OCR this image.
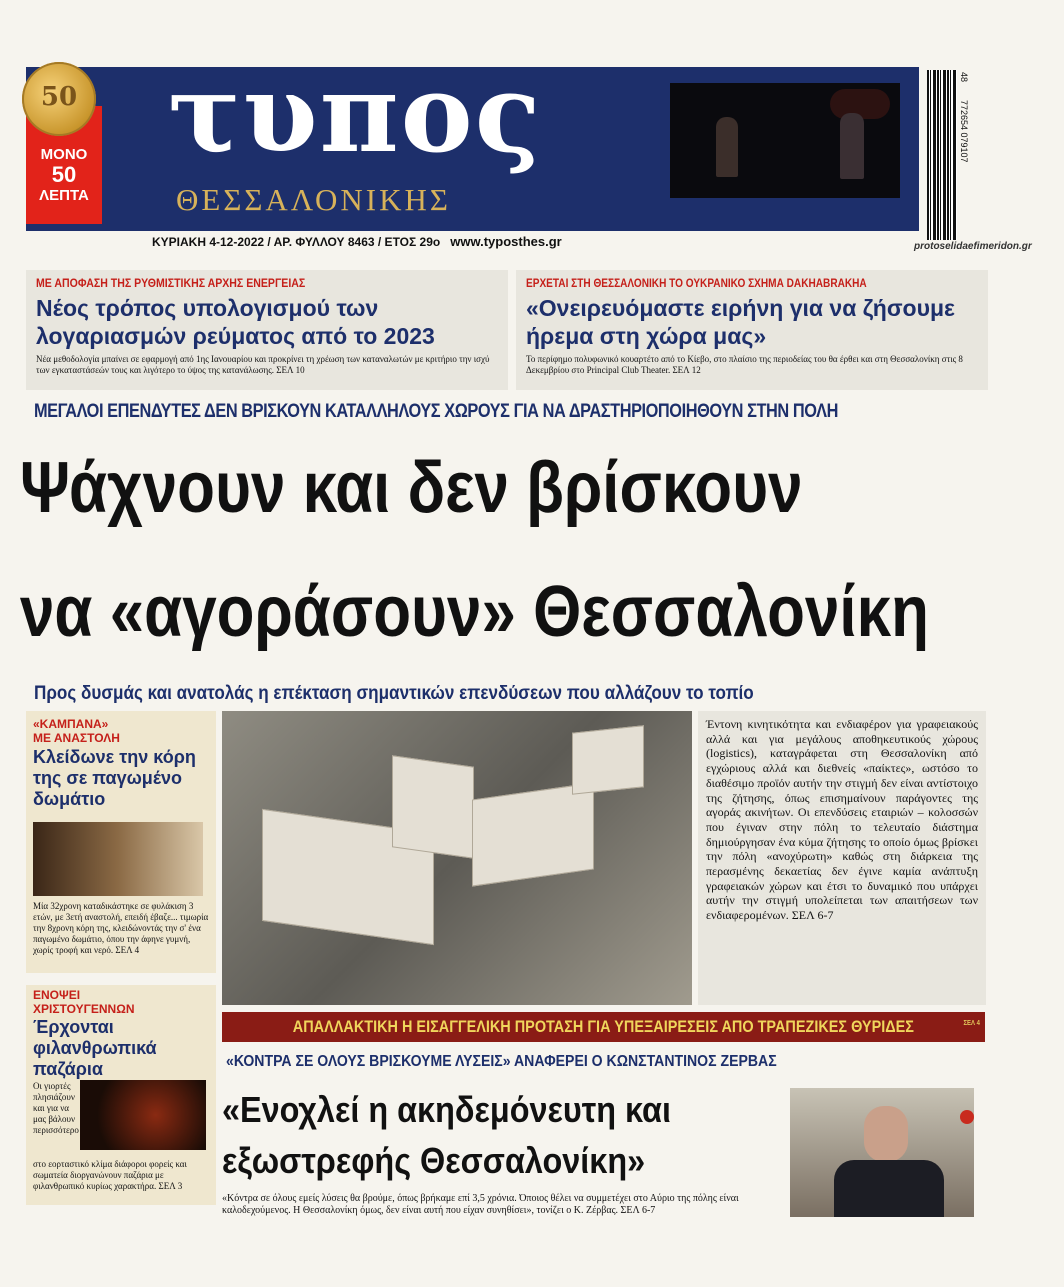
τυπος
ΘΕΣΣΑΛΟΝΙΚΗΣ
ΜΟΝΟ
50
ΛΕΠΤΑ
50
48
772654 079107
ΚΥΡΙΑΚΗ 4-12-2022 / ΑΡ. ΦΥΛΛΟΥ 8463 / ΕΤΟΣ 29ο www.typosthes.gr	protoselidaefimeridon.gr
ΜΕ ΑΠΟΦΑΣΗ ΤΗΣ ΡΥΘΜΙΣΤΙΚΗΣ ΑΡΧΗΣ ΕΝΕΡΓΕΙΑΣ
Νέος τρόπος υπολογισμού των λογαριασμών ρεύματος από το 2023
Νέα μεθοδολογία μπαίνει σε εφαρμογή από 1ης Ιανουαρίου και προκρίνει τη χρέωση των καταναλωτών με κριτήριο την ισχύ των εγκαταστάσεών τους και λιγότερο το ύψος της κατανάλωσης. ΣΕΛ 10
ΕΡΧΕΤΑΙ ΣΤΗ ΘΕΣΣΑΛΟΝΙΚΗ ΤΟ ΟΥΚΡΑΝΙΚΟ ΣΧΗΜΑ DAKHABRAKHA
«Ονειρευόμαστε ειρήνη για να ζήσουμε ήρεμα στη χώρα μας»
Το περίφημο πολυφωνικό κουαρτέτο από το Κίεβο, στο πλαίσιο της περιοδείας του θα έρθει και στη Θεσσαλονίκη στις 8 Δεκεμβρίου στο Principal Club Theater. ΣΕΛ 12
ΜΕΓΑΛΟΙ ΕΠΕΝΔΥΤΕΣ ΔΕΝ ΒΡΙΣΚΟΥΝ ΚΑΤΑΛΛΗΛΟΥΣ ΧΩΡΟΥΣ ΓΙΑ ΝΑ ΔΡΑΣΤΗΡΙΟΠΟΙΗΘΟΥΝ ΣΤΗΝ ΠΟΛΗ
Ψάχνουν και δεν βρίσκουν
να «αγοράσουν» Θεσσαλονίκη
Προς δυσμάς και ανατολάς η επέκταση σημαντικών επενδύσεων που αλλάζουν το τοπίο
Έντονη κινητικότητα και ενδιαφέρον για γραφειακούς αλλά και για μεγάλους αποθηκευτικούς χώρους (logistics), καταγράφεται στη Θεσσαλονίκη από εγχώριους αλλά και διεθνείς «παίκτες», ωστόσο το διαθέσιμο προϊόν αυτήν την στιγμή δεν είναι αντίστοιχο της ζήτησης, όπως επισημαίνουν παράγοντες της αγοράς ακινήτων. Οι επενδύσεις εταιριών – κολοσσών που έγιναν στην πόλη το τελευταίο διάστημα δημιούργησαν ένα κύμα ζήτησης το οποίο όμως βρίσκει την πόλη «ανοχύρωτη» καθώς στη διάρκεια της περασμένης δεκαετίας δεν έγινε καμία ανάπτυξη γραφειακών χώρων και έτσι το δυναμικό που υπάρχει αυτήν την στιγμή υπολείπεται των απαιτήσεων των ενδιαφερομένων. ΣΕΛ 6-7
«ΚΑΜΠΑΝΑ»
ΜΕ ΑΝΑΣΤΟΛΗ
Κλείδωνε την κόρη της σε παγωμένο δωμάτιο
Μία 32χρονη καταδικάστηκε σε φυλάκιση 3 ετών, με 3ετή αναστολή, επειδή έβαζε... τιμωρία την 8χρονη κόρη της, κλειδώνοντάς την σ' ένα παγωμένο δωμάτιο, όπου την άφηνε γυμνή, χωρίς τροφή και νερό. ΣΕΛ 4
ΕΝΟΨΕΙ
ΧΡΙΣΤΟΥΓΕΝΝΩΝ
Έρχονται φιλανθρωπικά παζάρια
Οι γιορτές πλησιάζουν και για να μας βάλουν περισσότερο
στο εορταστικό κλίμα διάφοροι φορείς και σωματεία διοργανώνουν παζάρια με φιλανθρωπικό κυρίως χαρακτήρα. ΣΕΛ 3
ΑΠΑΛΛΑΚΤΙΚΗ Η ΕΙΣΑΓΓΕΛΙΚΗ ΠΡΟΤΑΣΗ ΓΙΑ ΥΠΕΞΑΙΡΕΣΕΙΣ ΑΠΟ ΤΡΑΠΕΖΙΚΕΣ ΘΥΡΙΔΕΣ	ΣΕΛ 4
«ΚΟΝΤΡΑ ΣΕ ΟΛΟΥΣ ΒΡΙΣΚΟΥΜΕ ΛΥΣΕΙΣ» ΑΝΑΦΕΡΕΙ Ο ΚΩΝΣΤΑΝΤΙΝΟΣ ΖΕΡΒΑΣ
«Ενοχλεί η ακηδεμόνευτη και
εξωστρεφής Θεσσαλονίκη»
«Κόντρα σε όλους εμείς λύσεις θα βρούμε, όπως βρήκαμε επί 3,5 χρόνια. Όποιος θέλει να συμμετέχει στο Αύριο της πόλης είναι καλοδεχούμενος. Η Θεσσαλονίκη όμως, δεν είναι αυτή που είχαν συνηθίσει», τονίζει ο Κ. Ζέρβας. ΣΕΛ 6-7
